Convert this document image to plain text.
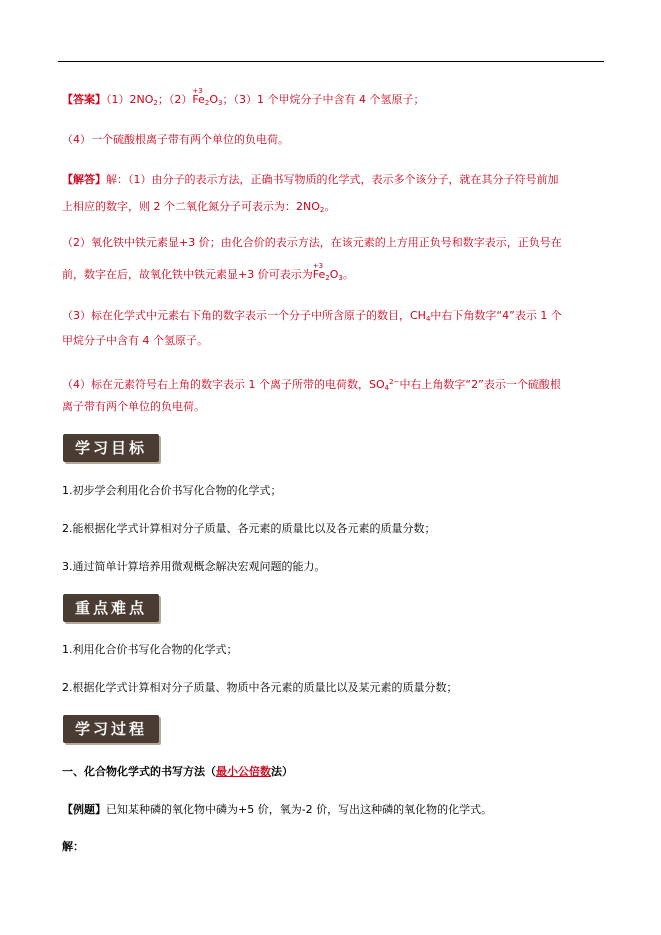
【答案】$(1)2NO_2$；（2）
+3
$Fe_2O_3$；（3）1 个甲烷分子中含有 4 个氢原子；
（4）一个硫酸根离子带有两个单位的负电荷。
【解答】解：（1）由分子的表示方法，正确书写物质的化学式，表示多个该分子，就在其分子符号前加
上相应的数字，则 2 个二氧化氮分子可表示为：$2NO_2$。
（2）氧化铁中铁元素显+3 价；由化合价的表示方法，在该元素的上方用正负号和数字表示，正负号在
前，数字在后，故氧化铁中铁元素显+3 价可表示为
+3
$Fe_2O_3$。
（3）标在化学式中元素右下角的数字表示一个分子中所含原子的数目，$CH_4$中右下角数字“4”表示 1 个
甲烷分子中含有 4 个氢原子。
（4）标在元素符号右上角的数字表示 1 个离子所带的电荷数，$SO_4^{2-}$中右上角数字“2”表示一个硫酸根
离子带有两个单位的负电荷。
学习目标
1.初步学会利用化合价书写化合物的化学式；
2.能根据化学式计算相对分子质量、各元素的质量比以及各元素的质量分数；
3.通过简单计算培养用微观概念解决宏观问题的能力。
重点难点
1.利用化合价书写化合物的化学式；
2.根据化学式计算相对分子质量、物质中各元素的质量比以及某元素的质量分数；
学习过程
一、化合物化学式的书写方法（最小公倍数法）
【例题】已知某种磷的氧化物中磷为+5 价，氧为-2 价，写出这种磷的氧化物的化学式。
解：
